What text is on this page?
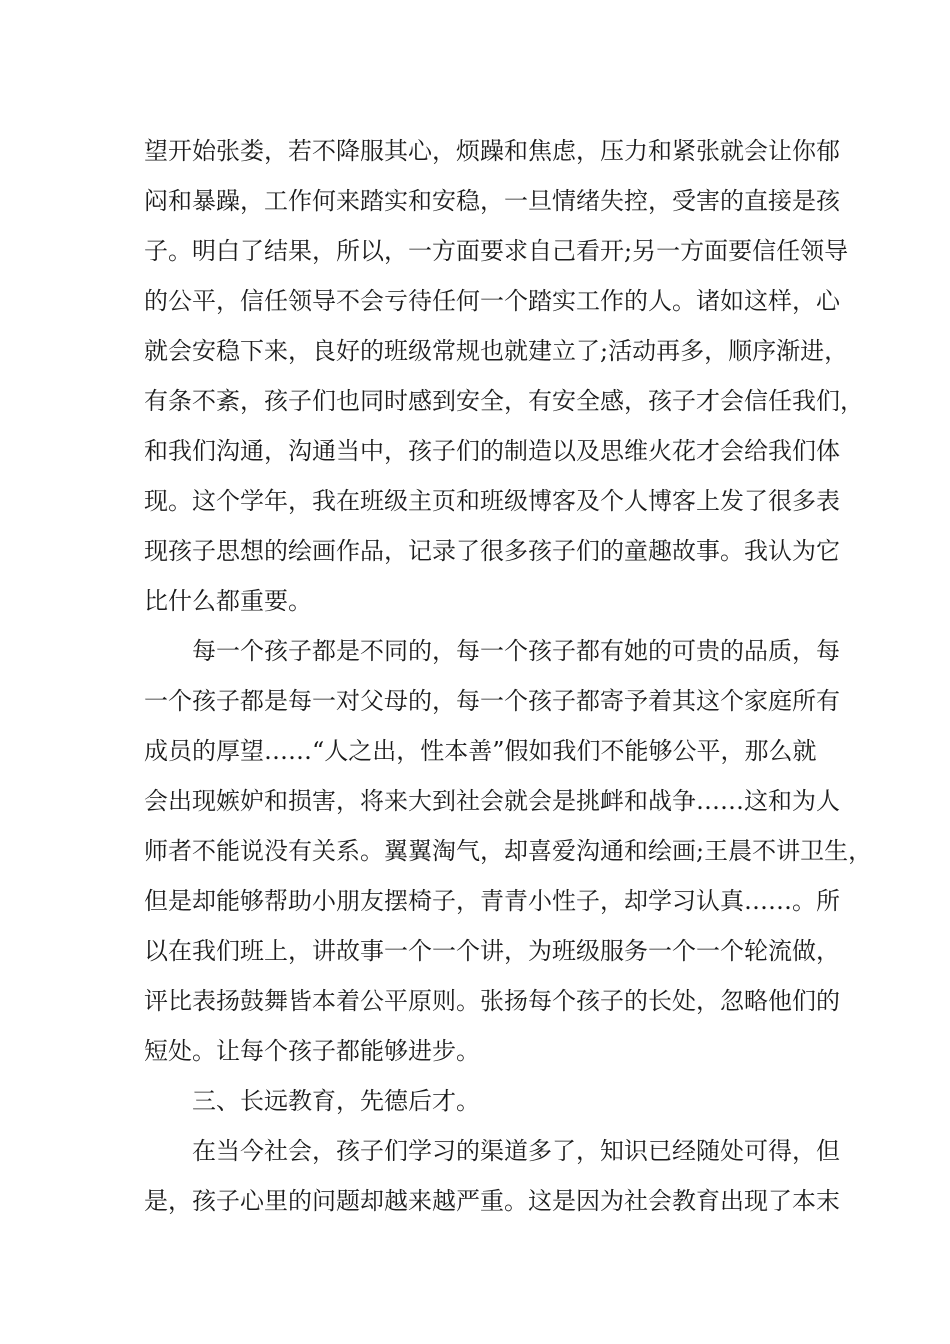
望开始张娄，若不降服其心，烦躁和焦虑，压力和紧张就会让你郁
闷和暴躁，工作何来踏实和安稳，一旦情绪失控，受害的直接是孩
子。明白了结果，所以，一方面要求自己看开;另一方面要信任领导
的公平，信任领导不会亏待任何一个踏实工作的人。诸如这样，心
就会安稳下来，良好的班级常规也就建立了;活动再多，顺序渐进，
有条不紊，孩子们也同时感到安全，有安全感，孩子才会信任我们，
和我们沟通，沟通当中，孩子们的制造以及思维火花才会给我们体
现。这个学年，我在班级主页和班级博客及个人博客上发了很多表
现孩子思想的绘画作品，记录了很多孩子们的童趣故事。我认为它
比什么都重要。
每一个孩子都是不同的，每一个孩子都有她的可贵的品质，每
一个孩子都是每一对父母的，每一个孩子都寄予着其这个家庭所有
成员的厚望……“人之出，性本善”假如我们不能够公平，那么就
会出现嫉妒和损害，将来大到社会就会是挑衅和战争……这和为人
师者不能说没有关系。翼翼淘气，却喜爱沟通和绘画;王晨不讲卫生，
但是却能够帮助小朋友摆椅子，青青小性子，却学习认真……。所
以在我们班上，讲故事一个一个讲，为班级服务一个一个轮流做，
评比表扬鼓舞皆本着公平原则。张扬每个孩子的长处，忽略他们的
短处。让每个孩子都能够进步。
三、长远教育，先德后才。
在当今社会，孩子们学习的渠道多了，知识已经随处可得，但
是，孩子心里的问题却越来越严重。这是因为社会教育出现了本末
